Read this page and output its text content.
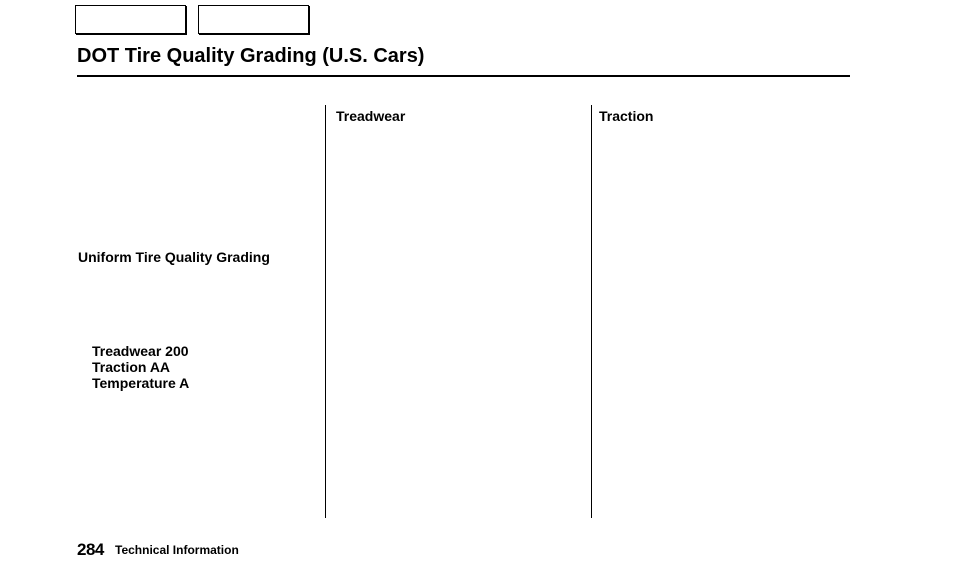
DOT Tire Quality Grading (U.S. Cars)
Treadwear	Traction
Uniform Tire Quality Grading
Treadwear 200
Traction AA
Temperature A
284 Technical Information
